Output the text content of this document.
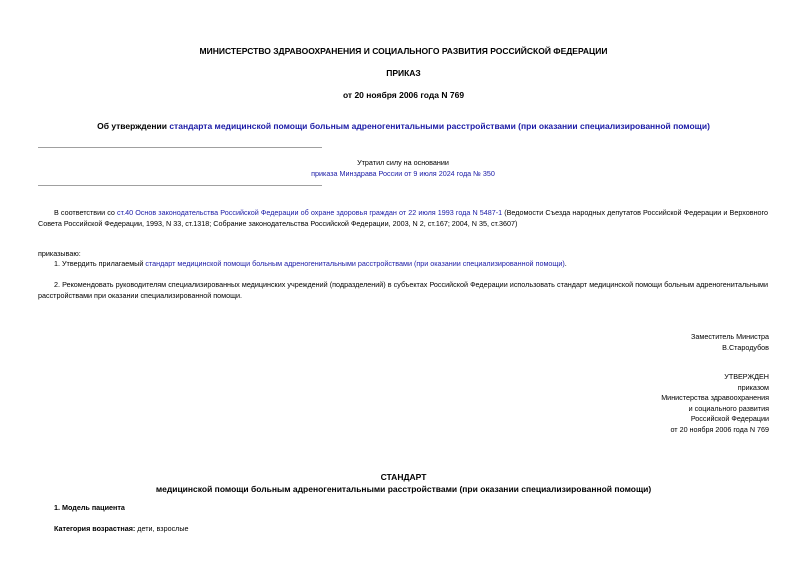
МИНИСТЕРСТВО ЗДРАВООХРАНЕНИЯ И СОЦИАЛЬНОГО РАЗВИТИЯ РОССИЙСКОЙ ФЕДЕРАЦИИ
ПРИКАЗ
от 20 ноября 2006 года N 769
Об утверждении стандарта медицинской помощи больным адреногенитальными расстройствами (при оказании специализированной помощи)
Утратил силу на основании
приказа Минздрава России от 9 июля 2024 года № 350
В соответствии со ст.40 Основ законодательства Российской Федерации об охране здоровья граждан от 22 июля 1993 года N 5487-1 (Ведомости Съезда народных депутатов Российской Федерации и Верховного Совета Российской Федерации, 1993, N 33, ст.1318; Собрание законодательства Российской Федерации, 2003, N 2, ст.167; 2004, N 35, ст.3607)
приказываю:
1. Утвердить прилагаемый стандарт медицинской помощи больным адреногенитальными расстройствами (при оказании специализированной помощи).
2. Рекомендовать руководителям специализированных медицинских учреждений (подразделений) в субъектах Российской Федерации использовать стандарт медицинской помощи больным адреногенитальными расстройствами при оказании специализированной помощи.
Заместитель Министра
В.Стародубов
УТВЕРЖДЕН
приказом
Министерства здравоохранения
и социального развития
Российской Федерации
от 20 ноября 2006 года N 769
СТАНДАРТ
медицинской помощи больным адреногенитальными расстройствами (при оказании специализированной помощи)
1. Модель пациента
Категория возрастная: дети, взрослые
